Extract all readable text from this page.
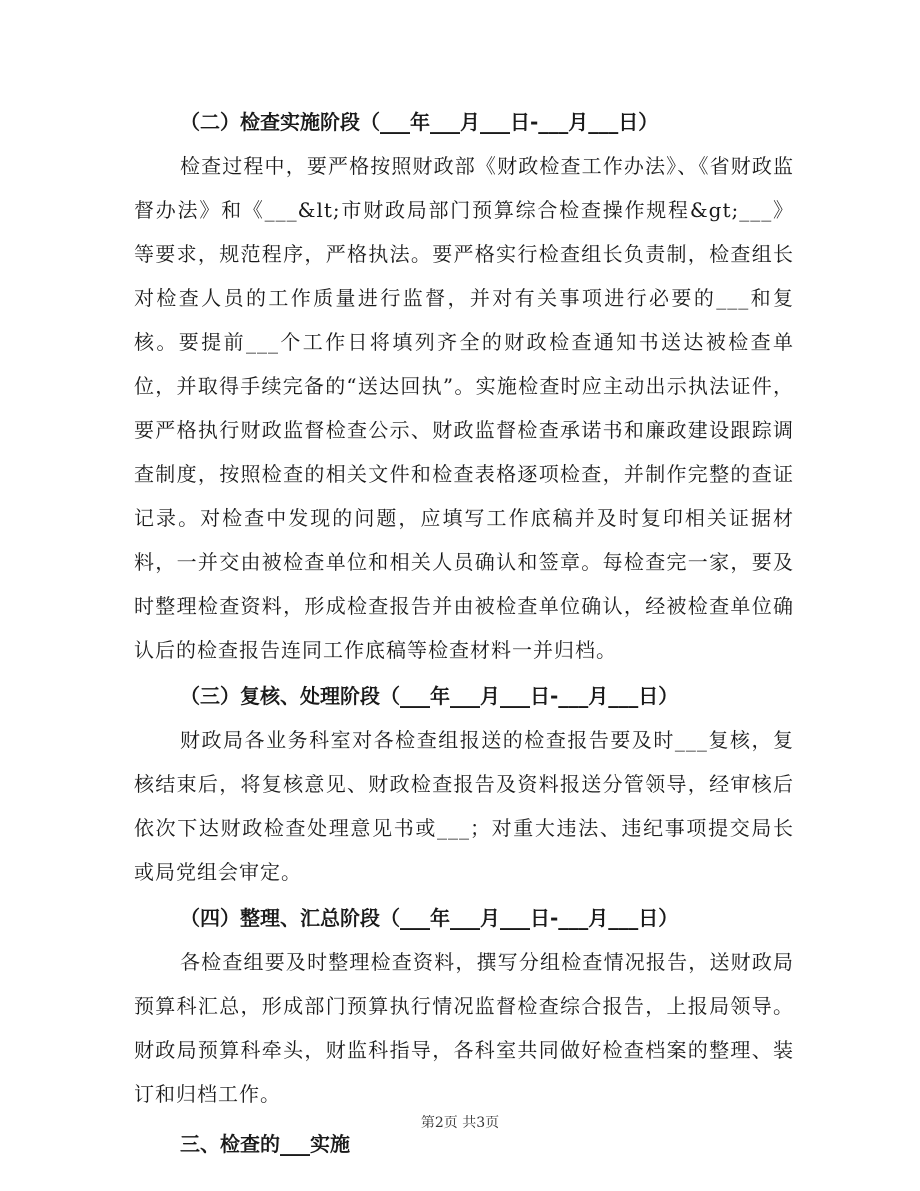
（二）检查实施阶段（___年___月___日-___月___日）

检查过程中，要严格按照财政部《财政检查工作办法》、《省财政监督办法》和《___&lt;市财政局部门预算综合检查操作规程&gt;___》等要求，规范程序，严格执法。要严格实行检查组长负责制，检查组长对检查人员的工作质量进行监督，并对有关事项进行必要的___和复核。要提前___个工作日将填列齐全的财政检查通知书送达被检查单位，并取得手续完备的“送达回执”。实施检查时应主动出示执法证件，要严格执行财政监督检查公示、财政监督检查承诺书和廉政建设跟踪调查制度，按照检查的相关文件和检查表格逐项检查，并制作完整的查证记录。对检查中发现的问题，应填写工作底稿并及时复印相关证据材料，一并交由被检查单位和相关人员确认和签章。每检查完一家，要及时整理检查资料，形成检查报告并由被检查单位确认，经被检查单位确认后的检查报告连同工作底稿等检查材料一并归档。

（三）复核、处理阶段（___年___月___日-___月___日）

财政局各业务科室对各检查组报送的检查报告要及时___复核，复核结束后，将复核意见、财政检查报告及资料报送分管领导，经审核后依次下达财政检查处理意见书或___；对重大违法、违纪事项提交局长或局党组会审定。

（四）整理、汇总阶段（___年___月___日-___月___日）

各检查组要及时整理检查资料，撰写分组检查情况报告，送财政局预算科汇总，形成部门预算执行情况监督检查综合报告，上报局领导。财政局预算科牵头，财监科指导，各科室共同做好检查档案的整理、装订和归档工作。

三、检查的___实施

第2页 共3页
